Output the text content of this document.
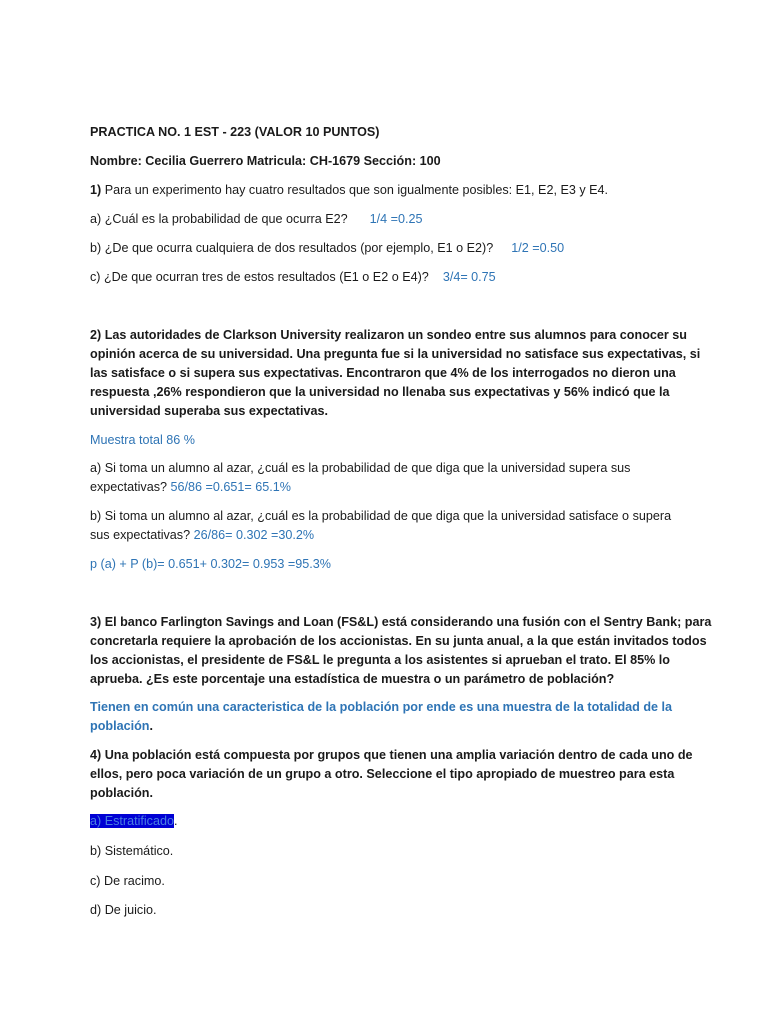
PRACTICA NO. 1 EST - 223 (VALOR 10 PUNTOS)
Nombre: Cecilia Guerrero Matricula: CH-1679 Sección: 100
1) Para un experimento hay cuatro resultados que son igualmente posibles: E1, E2, E3 y E4.
a) ¿Cuál es la probabilidad de que ocurra E2? 1/4 =0.25
b) ¿De que ocurra cualquiera de dos resultados (por ejemplo, E1 o E2)? 1/2 =0.50
c) ¿De que ocurran tres de estos resultados (E1 o E2 o E4)? 3/4= 0.75
2) Las autoridades de Clarkson University realizaron un sondeo entre sus alumnos para conocer su
opinión acerca de su universidad. Una pregunta fue si la universidad no satisface sus expectativas, si
las satisface o si supera sus expectativas. Encontraron que 4% de los interrogados no dieron una
respuesta ,26% respondieron que la universidad no llenaba sus expectativas y 56% indicó que la
universidad superaba sus expectativas.
Muestra total 86 %
a) Si toma un alumno al azar, ¿cuál es la probabilidad de que diga que la universidad supera sus
expectativas? 56/86 =0.651= 65.1%
b) Si toma un alumno al azar, ¿cuál es la probabilidad de que diga que la universidad satisface o supera
sus expectativas? 26/86= 0.302 =30.2%
p (a) + P (b)= 0.651+ 0.302= 0.953 =95.3%
3) El banco Farlington Savings and Loan (FS&L) está considerando una fusión con el Sentry Bank; para
concretarla requiere la aprobación de los accionistas. En su junta anual, a la que están invitados todos
los accionistas, el presidente de FS&L le pregunta a los asistentes si aprueban el trato. El 85% lo
aprueba. ¿Es este porcentaje una estadística de muestra o un parámetro de población?
Tienen en común una caracteristica de la población por ende es una muestra de la totalidad de la
población.
4) Una población está compuesta por grupos que tienen una amplia variación dentro de cada uno de
ellos, pero poca variación de un grupo a otro. Seleccione el tipo apropiado de muestreo para esta
población.
a) Estratificado.
b) Sistemático.
c) De racimo.
d) De juicio.
